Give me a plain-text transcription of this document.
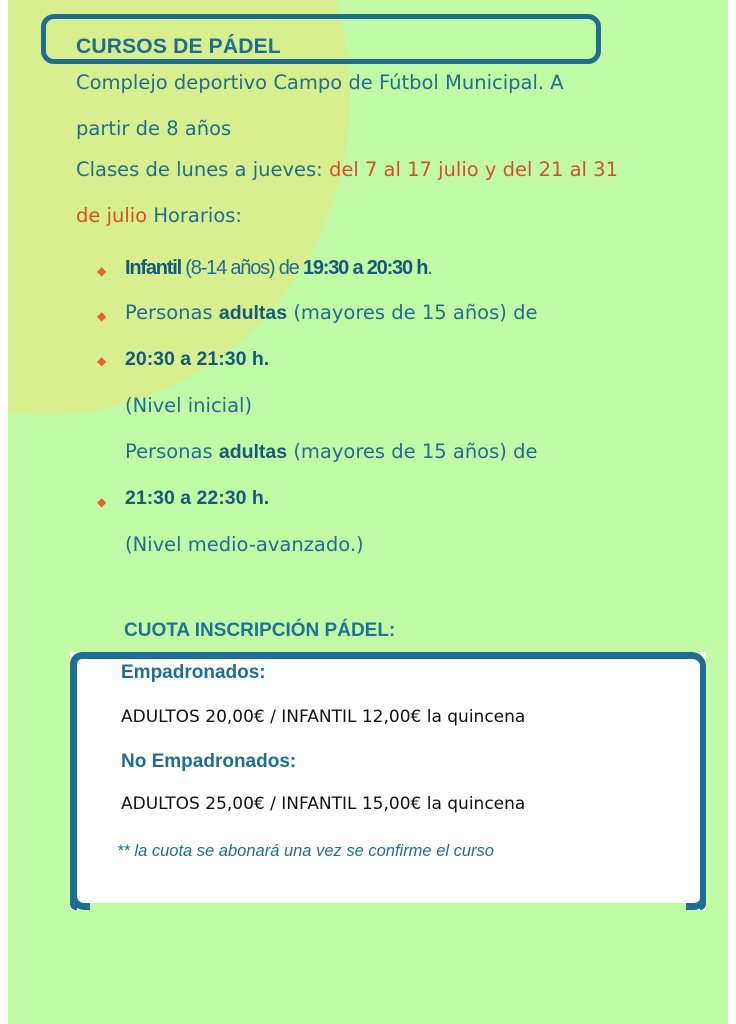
CURSOS DE PÁDEL

Complejo deportivo Campo de Fútbol Municipal. A

partir de 8 años

Clases de lunes a jueves: del 7 al 17 julio y del 21 al 31

de julio Horarios:

◆ Infantil (8-14 años) de 19:30 a 20:30 h.

◆ Personas adultas (mayores de 15 años) de

◆ 20:30 a 21:30 h.

(Nivel inicial)

Personas adultas (mayores de 15 años) de

◆ 21:30 a 22:30 h.

(Nivel medio-avanzado.)

CUOTA INSCRIPCIÓN PÁDEL:

Empadronados:

ADULTOS 20,00€ / INFANTIL 12,00€ la quincena

No Empadronados:

ADULTOS 25,00€ / INFANTIL 15,00€ la quincena

** la cuota se abonará una vez se confirme el curso
